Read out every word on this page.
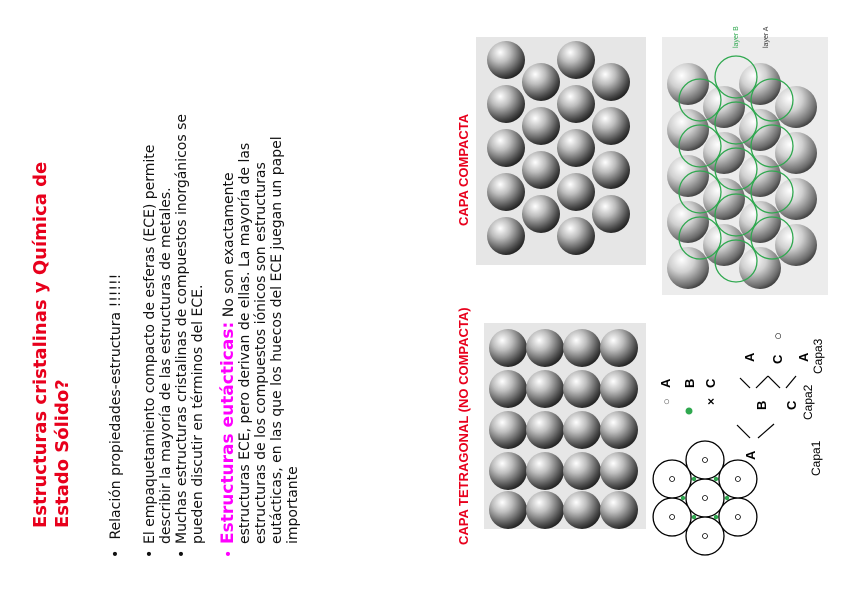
Estructuras cristalinas y Química de Estado Sólido?
• Relación propiedades-estructura !!!!!!
•El empaquetamiento compacto de esferas (ECE) permite describir la mayoría de las estructuras de metales.
•Muchas estructuras cristalinas de compuestos inorgánicos se pueden discutir en términos del ECE.
•Estructuras eutácticas: No son exactamente estructuras ECE, pero derivan de ellas. La mayoría de las estructuras de los compuestos iónicos son estructuras eutácticas, en las que los huecos del ECE juegan un papel importante	CAPA TETRAGONAL (NO COMPACTA)
CAPA COMPACTA
layer B	layer A
○
A B
×
C
A
B
A C
○
C
A
Capa1
Capa2
Capa3
